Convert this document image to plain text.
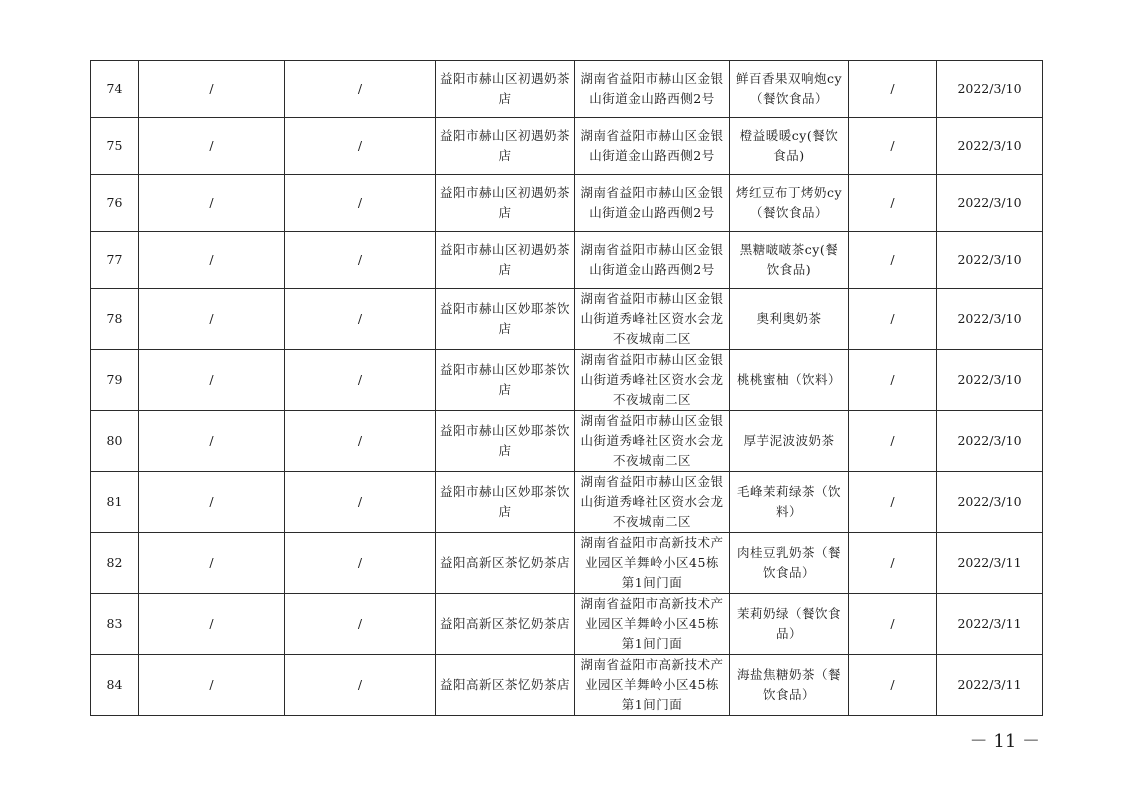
74	/	/	益阳市赫山区初遇奶茶店	湖南省益阳市赫山区金银山街道金山路西侧2号	鲜百香果双响炮cy（餐饮食品）	/	2022/3/10
75	/	/	益阳市赫山区初遇奶茶店	湖南省益阳市赫山区金银山街道金山路西侧2号	橙益暖暖cy(餐饮食品)	/	2022/3/10
76	/	/	益阳市赫山区初遇奶茶店	湖南省益阳市赫山区金银山街道金山路西侧2号	烤红豆布丁烤奶cy（餐饮食品）	/	2022/3/10
77	/	/	益阳市赫山区初遇奶茶店	湖南省益阳市赫山区金银山街道金山路西侧2号	黑糖啵啵茶cy(餐饮食品)	/	2022/3/10
78	/	/	益阳市赫山区妙耶茶饮店	湖南省益阳市赫山区金银山街道秀峰社区资水会龙不夜城南二区	奥利奥奶茶	/	2022/3/10
79	/	/	益阳市赫山区妙耶茶饮店	湖南省益阳市赫山区金银山街道秀峰社区资水会龙不夜城南二区	桃桃蜜柚（饮料）	/	2022/3/10
80	/	/	益阳市赫山区妙耶茶饮店	湖南省益阳市赫山区金银山街道秀峰社区资水会龙不夜城南二区	厚芋泥波波奶茶	/	2022/3/10
81	/	/	益阳市赫山区妙耶茶饮店	湖南省益阳市赫山区金银山街道秀峰社区资水会龙不夜城南二区	毛峰茉莉绿茶（饮料）	/	2022/3/10
82	/	/	益阳高新区茶忆奶茶店	湖南省益阳市高新技术产业园区羊舞岭小区45栋第1间门面	肉桂豆乳奶茶（餐饮食品）	/	2022/3/11
83	/	/	益阳高新区茶忆奶茶店	湖南省益阳市高新技术产业园区羊舞岭小区45栋第1间门面	茉莉奶绿（餐饮食品）	/	2022/3/11
84	/	/	益阳高新区茶忆奶茶店	湖南省益阳市高新技术产业园区羊舞岭小区45栋第1间门面	海盐焦糖奶茶（餐饮食品）	/	2022/3/11
－ 11 －
